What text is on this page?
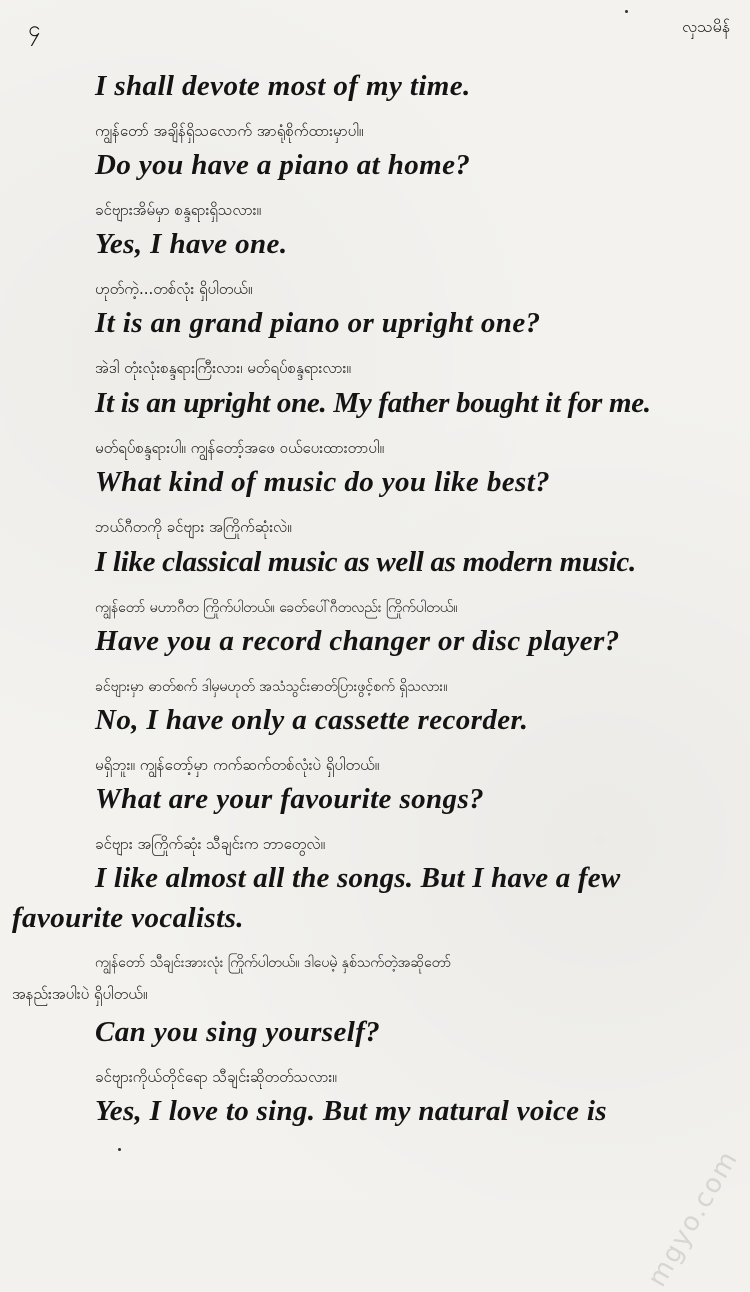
၄	လှသမိန်
I shall devote most of my time.
ကျွန်တော် အချိန်ရှိသလောက် အာရုံစိုက်ထားမှာပါ။
Do you have a piano at home?
ခင်ဗျားအိမ်မှာ စန္ဒရားရှိသလား။
Yes, I have one.
ဟုတ်ကဲ့...တစ်လုံး ရှိပါတယ်။
It is an grand piano or upright one?
အဲဒါ တုံးလုံးစန္ဒရားကြီးလား၊ မတ်ရပ်စန္ဒရားလား။
It is an upright one. My father bought it for me.
မတ်ရပ်စန္ဒရားပါ။ ကျွန်တော့်အဖေ ဝယ်ပေးထားတာပါ။
What kind of music do you like best?
ဘယ်ဂီတကို ခင်ဗျား အကြိုက်ဆုံးလဲ။
I like classical music as well as modern music.
ကျွန်တော် မဟာဂီတ ကြိုက်ပါတယ်။ ခေတ်ပေါ်ဂီတလည်း ကြိုက်ပါတယ်။
Have you a record changer or disc player?
ခင်ဗျားမှာ ဓာတ်စက် ဒါမှမဟုတ် အသံသွင်းဓာတ်ပြားဖွင့်စက် ရှိသလား။
No, I have only a cassette recorder.
မရှိဘူး။ ကျွန်တော့်မှာ ကက်ဆက်တစ်လုံးပဲ ရှိပါတယ်။
What are your favourite songs?
ခင်ဗျား အကြိုက်ဆုံး သီချင်းက ဘာတွေလဲ။
I like almost all the songs. But I have a few
favourite vocalists.
ကျွန်တော် သီချင်းအားလုံး ကြိုက်ပါတယ်။ ဒါပေမဲ့ နှစ်သက်တဲ့အဆိုတော်
အနည်းအပါးပဲ ရှိပါတယ်။
Can you sing yourself?
ခင်ဗျားကိုယ်တိုင်ရော သီချင်းဆိုတတ်သလား။
Yes, I love to sing. But my natural voice is
mgyo.com
